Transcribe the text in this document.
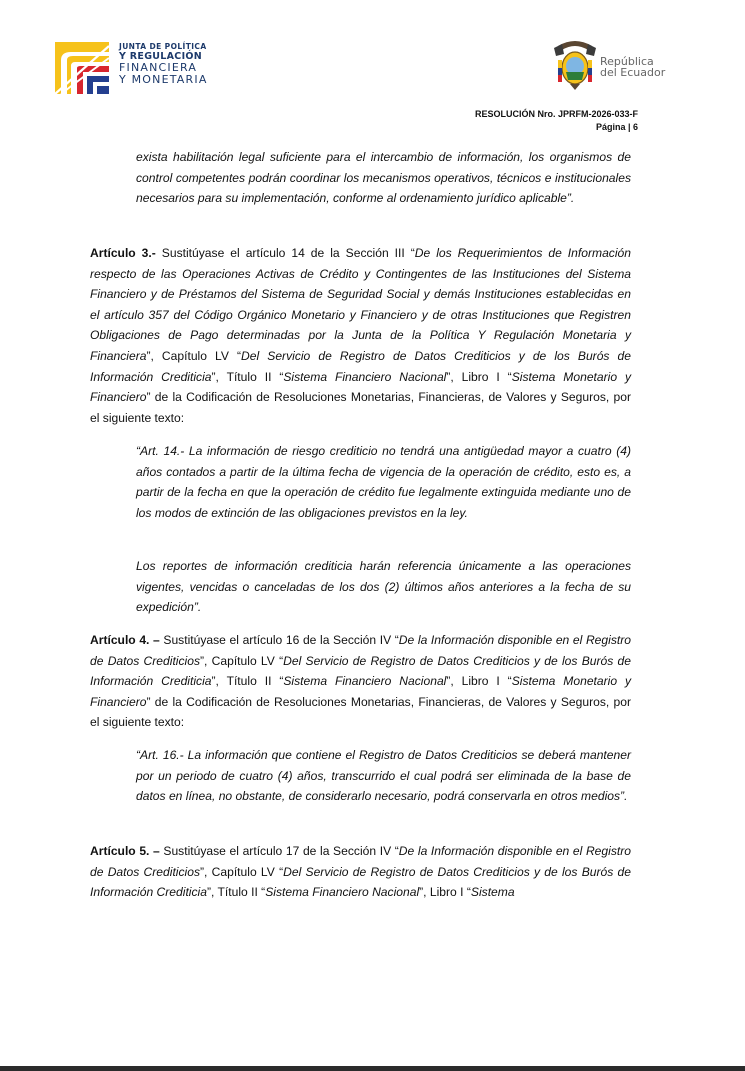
JUNTA DE POLÍTICA
Y REGULACIÓN
FINANCIERA
Y MONETARIA
República
del Ecuador
RESOLUCIÓN Nro. JPRFM-2026-033-F
Página | 6

exista habilitación legal suficiente para el intercambio de información, los organismos de control competentes podrán coordinar los mecanismos operativos, técnicos e institucionales necesarios para su implementación, conforme al ordenamiento jurídico aplicable”.

Artículo 3.- Sustitúyase el artículo 14 de la Sección III “De los Requerimientos de Información respecto de las Operaciones Activas de Crédito y Contingentes de las Instituciones del Sistema Financiero y de Préstamos del Sistema de Seguridad Social y demás Instituciones establecidas en el artículo 357 del Código Orgánico Monetario y Financiero y de otras Instituciones que Registren Obligaciones de Pago determinadas por la Junta de la Política Y Regulación Monetaria y Financiera”, Capítulo LV “Del Servicio de Registro de Datos Crediticios y de los Burós de Información Crediticia”, Título II “Sistema Financiero Nacional”, Libro I “Sistema Monetario y Financiero” de la Codificación de Resoluciones Monetarias, Financieras, de Valores y Seguros, por el siguiente texto:

“Art. 14.- La información de riesgo crediticio no tendrá una antigüedad mayor a cuatro (4) años contados a partir de la última fecha de vigencia de la operación de crédito, esto es, a partir de la fecha en que la operación de crédito fue legalmente extinguida mediante uno de los modos de extinción de las obligaciones previstos en la ley.

Los reportes de información crediticia harán referencia únicamente a las operaciones vigentes, vencidas o canceladas de los dos (2) últimos años anteriores a la fecha de su expedición”.

Artículo 4. – Sustitúyase el artículo 16 de la Sección IV “De la Información disponible en el Registro de Datos Crediticios”, Capítulo LV “Del Servicio de Registro de Datos Crediticios y de los Burós de Información Crediticia”, Título II “Sistema Financiero Nacional”, Libro I “Sistema Monetario y Financiero” de la Codificación de Resoluciones Monetarias, Financieras, de Valores y Seguros, por el siguiente texto:

“Art. 16.- La información que contiene el Registro de Datos Crediticios se deberá mantener por un periodo de cuatro (4) años, transcurrido el cual podrá ser eliminada de la base de datos en línea, no obstante, de considerarlo necesario, podrá conservarla en otros medios”.

Artículo 5. – Sustitúyase el artículo 17 de la Sección IV “De la Información disponible en el Registro de Datos Crediticios”, Capítulo LV “Del Servicio de Registro de Datos Crediticios y de los Burós de Información Crediticia”, Título II “Sistema Financiero Nacional”, Libro I “Sistema
